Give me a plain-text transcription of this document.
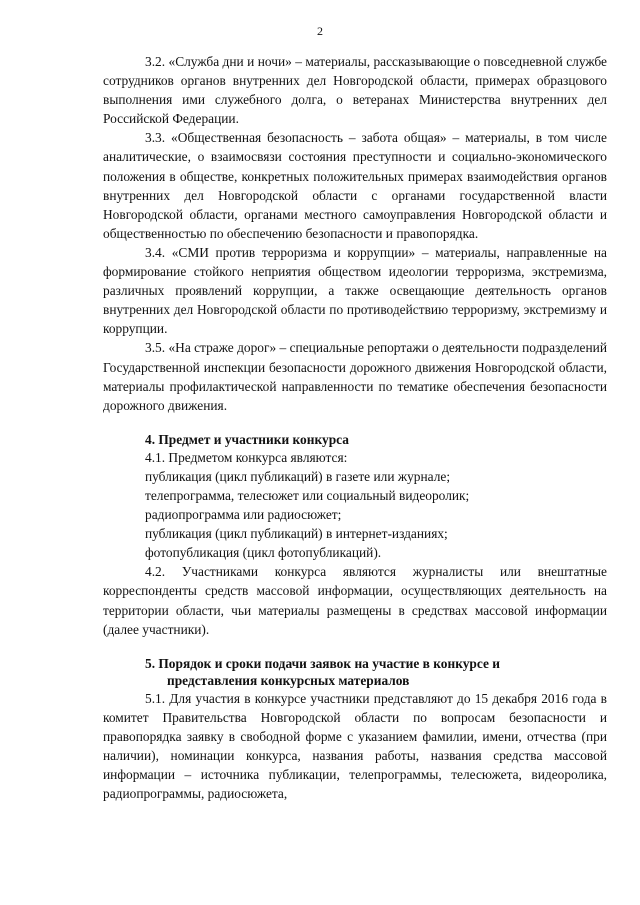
2

3.2. «Служба дни и ночи» – материалы, рассказывающие о повседневной службе сотрудников органов внутренних дел Новгородской области, примерах образцового выполнения ими служебного долга, о ветеранах Министерства внутренних дел Российской Федерации.

3.3. «Общественная безопасность – забота общая» – материалы, в том числе аналитические, о взаимосвязи состояния преступности и социально-экономического положения в обществе, конкретных положительных примерах взаимодействия органов внутренних дел Новгородской области с органами государственной власти Новгородской области, органами местного самоуправления Новгородской области и общественностью по обеспечению безопасности и правопорядка.

3.4. «СМИ против терроризма и коррупции» – материалы, направленные на формирование стойкого неприятия обществом идеологии терроризма, экстремизма, различных проявлений коррупции, а также освещающие деятельность органов внутренних дел Новгородской области по противодействию терроризму, экстремизму и коррупции.

3.5. «На страже дорог» – специальные репортажи о деятельности подразделений Государственной инспекции безопасности дорожного движения Новгородской области, материалы профилактической направленности по тематике обеспечения безопасности дорожного движения.

4. Предмет и участники конкурса

4.1. Предметом конкурса являются:

публикация (цикл публикаций) в газете или журнале;

телепрограмма, телесюжет или социальный видеоролик;

радиопрограмма или радиосюжет;

публикация (цикл публикаций) в интернет-изданиях;

фотопубликация (цикл фотопубликаций).

4.2. Участниками конкурса являются журналисты или внештатные корреспонденты средств массовой информации, осуществляющих деятельность на территории области, чьи материалы размещены в средствах массовой информации (далее участники).

5. Порядок и сроки подачи заявок на участие в конкурсе и
представления конкурсных материалов

5.1. Для участия в конкурсе участники представляют до 15 декабря 2016 года в комитет Правительства Новгородской области по вопросам безопасности и правопорядка заявку в свободной форме с указанием фамилии, имени, отчества (при наличии), номинации конкурса, названия работы, названия средства массовой информации – источника публикации, телепрограммы, телесюжета, видеоролика, радиопрограммы, радиосюжета,
